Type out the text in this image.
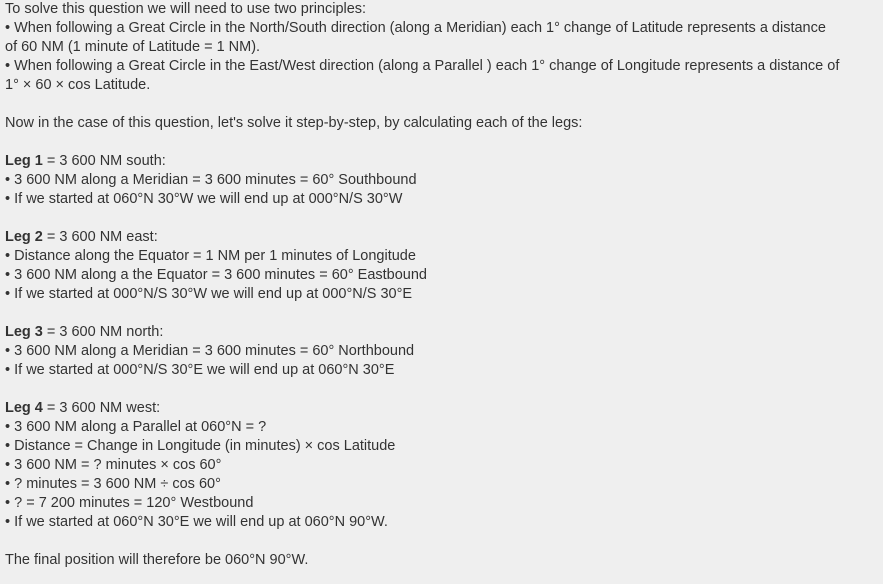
To solve this question we will need to use two principles:
• When following a Great Circle in the North/South direction (along a Meridian) each 1° change of Latitude represents a distance
of 60 NM (1 minute of Latitude = 1 NM).
• When following a Great Circle in the East/West direction (along a Parallel ) each 1° change of Longitude represents a distance of
1° × 60 × cos Latitude.
Now in the case of this question, let's solve it step-by-step, by calculating each of the legs:
Leg 1 = 3 600 NM south:
• 3 600 NM along a Meridian = 3 600 minutes = 60° Southbound
• If we started at 060°N 30°W we will end up at 000°N/S 30°W
Leg 2 = 3 600 NM east:
• Distance along the Equator = 1 NM per 1 minutes of Longitude
• 3 600 NM along a the Equator = 3 600 minutes = 60° Eastbound
• If we started at 000°N/S 30°W we will end up at 000°N/S 30°E
Leg 3 = 3 600 NM north:
• 3 600 NM along a Meridian = 3 600 minutes = 60° Northbound
• If we started at 000°N/S 30°E we will end up at 060°N 30°E
Leg 4 = 3 600 NM west:
• 3 600 NM along a Parallel at 060°N = ?
• Distance = Change in Longitude (in minutes) × cos Latitude
• 3 600 NM = ? minutes × cos 60°
• ? minutes = 3 600 NM ÷ cos 60°
• ? = 7 200 minutes = 120° Westbound
• If we started at 060°N 30°E we will end up at 060°N 90°W.
The final position will therefore be 060°N 90°W.
